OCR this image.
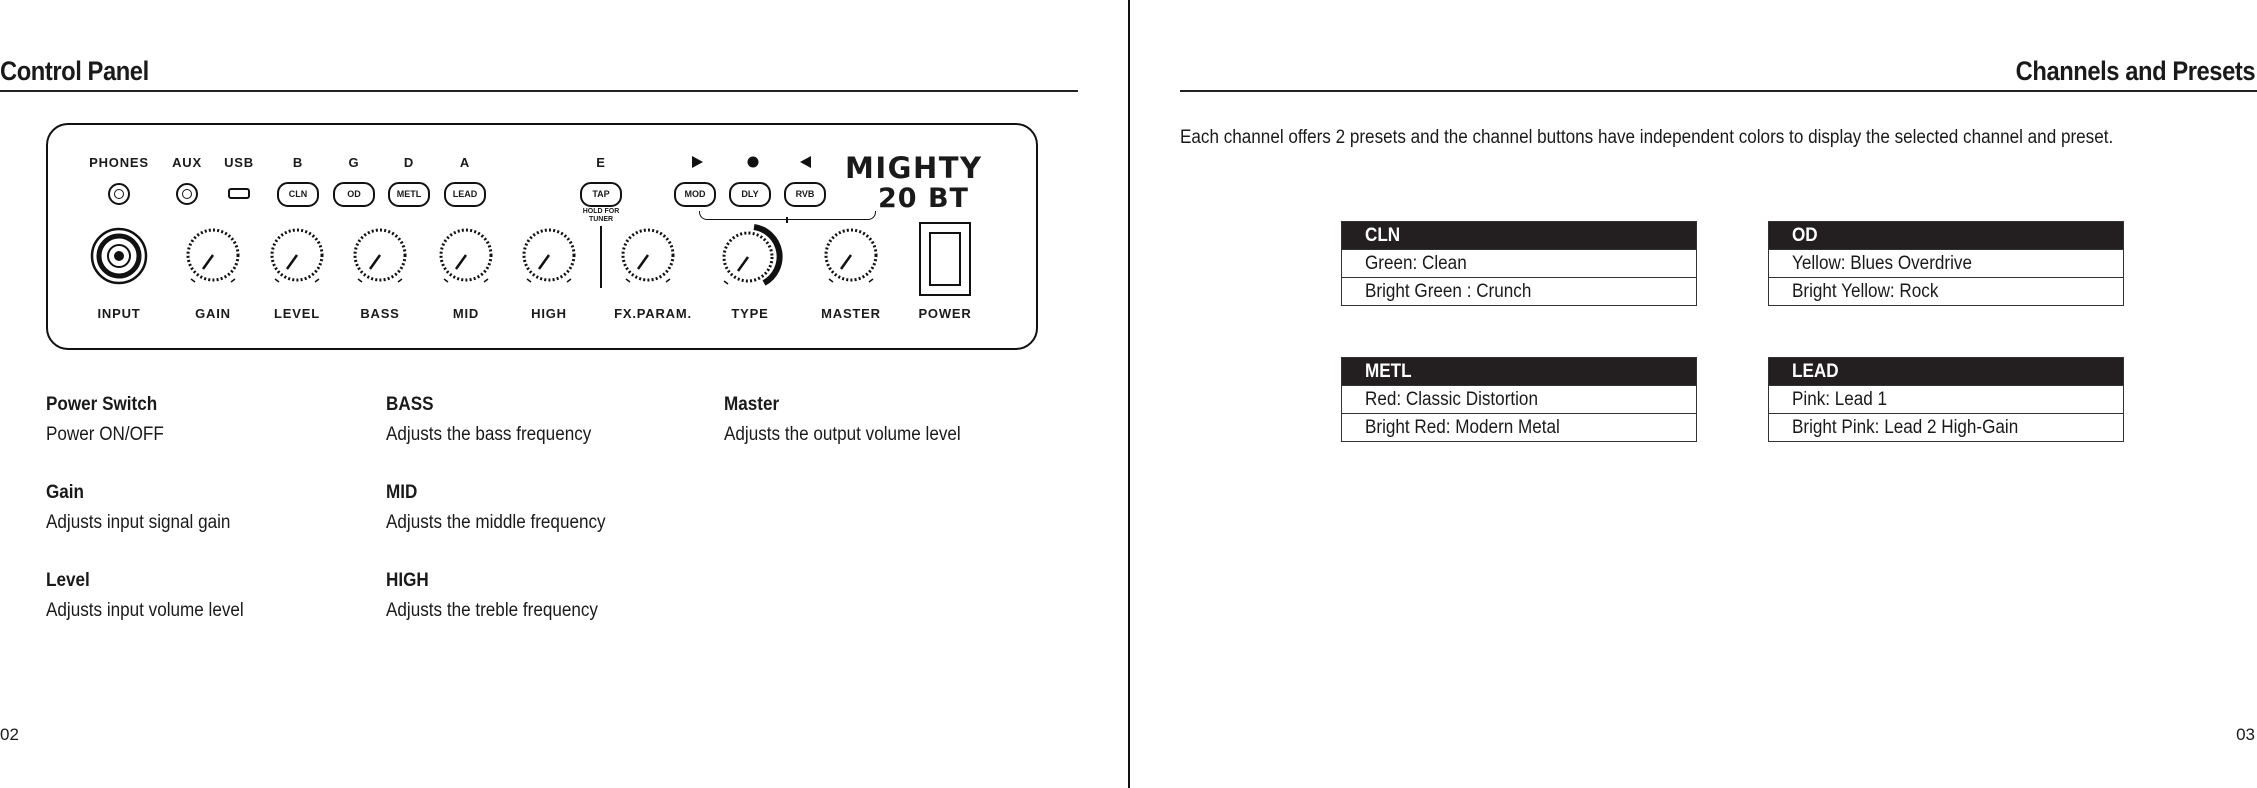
Control Panel
PHONES AUX USB	B	G	D	A	E	MIGHTY
20 BT
CLN	OD	METL	LEAD	TAP
HOLD FOR TUNER
MOD	DLY	RVB
INPUT	GAIN	LEVEL	BASS	MID	HIGH	FX.PARAM.	TYPE	MASTER	POWER
Power Switch
Power ON/OFF
Gain
Adjusts input signal gain
Level
Adjusts input volume level
BASS
Adjusts the bass frequency
MID
Adjusts the middle frequency
HIGH
Adjusts the treble frequency
Master
Adjusts the output volume level
02
Channels and Presets
Each channel offers 2 presets and the channel buttons have independent colors to display the selected channel and preset.
CLN
Green: Clean
Bright Green : Crunch
OD
Yellow: Blues Overdrive
Bright Yellow: Rock
METL
Red: Classic Distortion
Bright Red: Modern Metal
LEAD
Pink: Lead 1
Bright Pink: Lead 2 High-Gain
03
